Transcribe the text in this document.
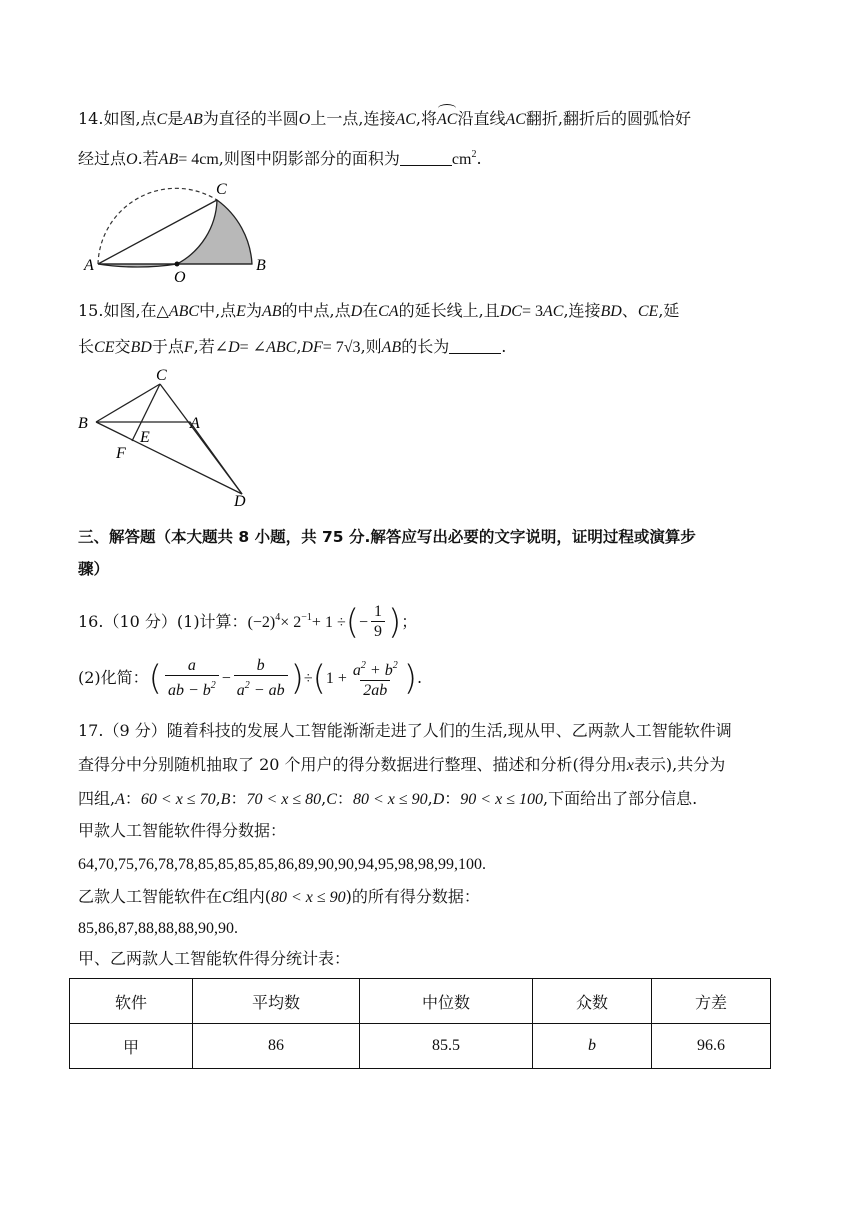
14.如图,点C是AB为直径的半圆O上一点,连接AC,将AC沿直线AC翻折,翻折后的圆弧恰好
经过点O.若AB= 4cm,则图中阴影部分的面积为	$cm^2$.
A	B
C
O
15.如图,在△ABC中,点E为AB的中点,点D在CA的延长线上,且DC= 3AC,连接BD、CE,延
长CE交BD于点F,若∠D= ∠ABC,DF= 7√3,则AB的长为	.
C
B	A
E
F
D
三、解答题（本大题共 8 小题，共 75 分.解答应写出必要的文字说明，证明过程或演算步
骤）
16.（10 分）(1)计算：$(-2)^4\times 2^{-1}+ 1$ ÷(− $\frac{1}{9}$ )；
(2)化简：( $\frac{a}{ab - b^2} - \frac{b}{a^2 - ab} )\div(1 + \frac{a^2 + b^2}{2ab}$ ).
17.（9 分）随着科技的发展人工智能渐渐走进了人们的生活,现从甲、乙两款人工智能软件调
查得分中分别随机抽取了 20 个用户的得分数据进行整理、描述和分析(得分用x表示),共分为
四组,A：60 < x ≤ 70,B：70 < x ≤ 80,C：80 < x ≤ 90,D：90 < x ≤ 100,下面给出了部分信息.
甲款人工智能软件得分数据：
64,70,75,76,78,78,85,85,85,85,86,89,90,90,94,95,98,98,99,100.
乙款人工智能软件在C组内(80 < x ≤ 90)的所有得分数据：
85,86,87,88,88,88,90,90.
甲、乙两款人工智能软件得分统计表：
软件	平均数	中位数	众数	方差
甲	86	85.5	b	96.6
